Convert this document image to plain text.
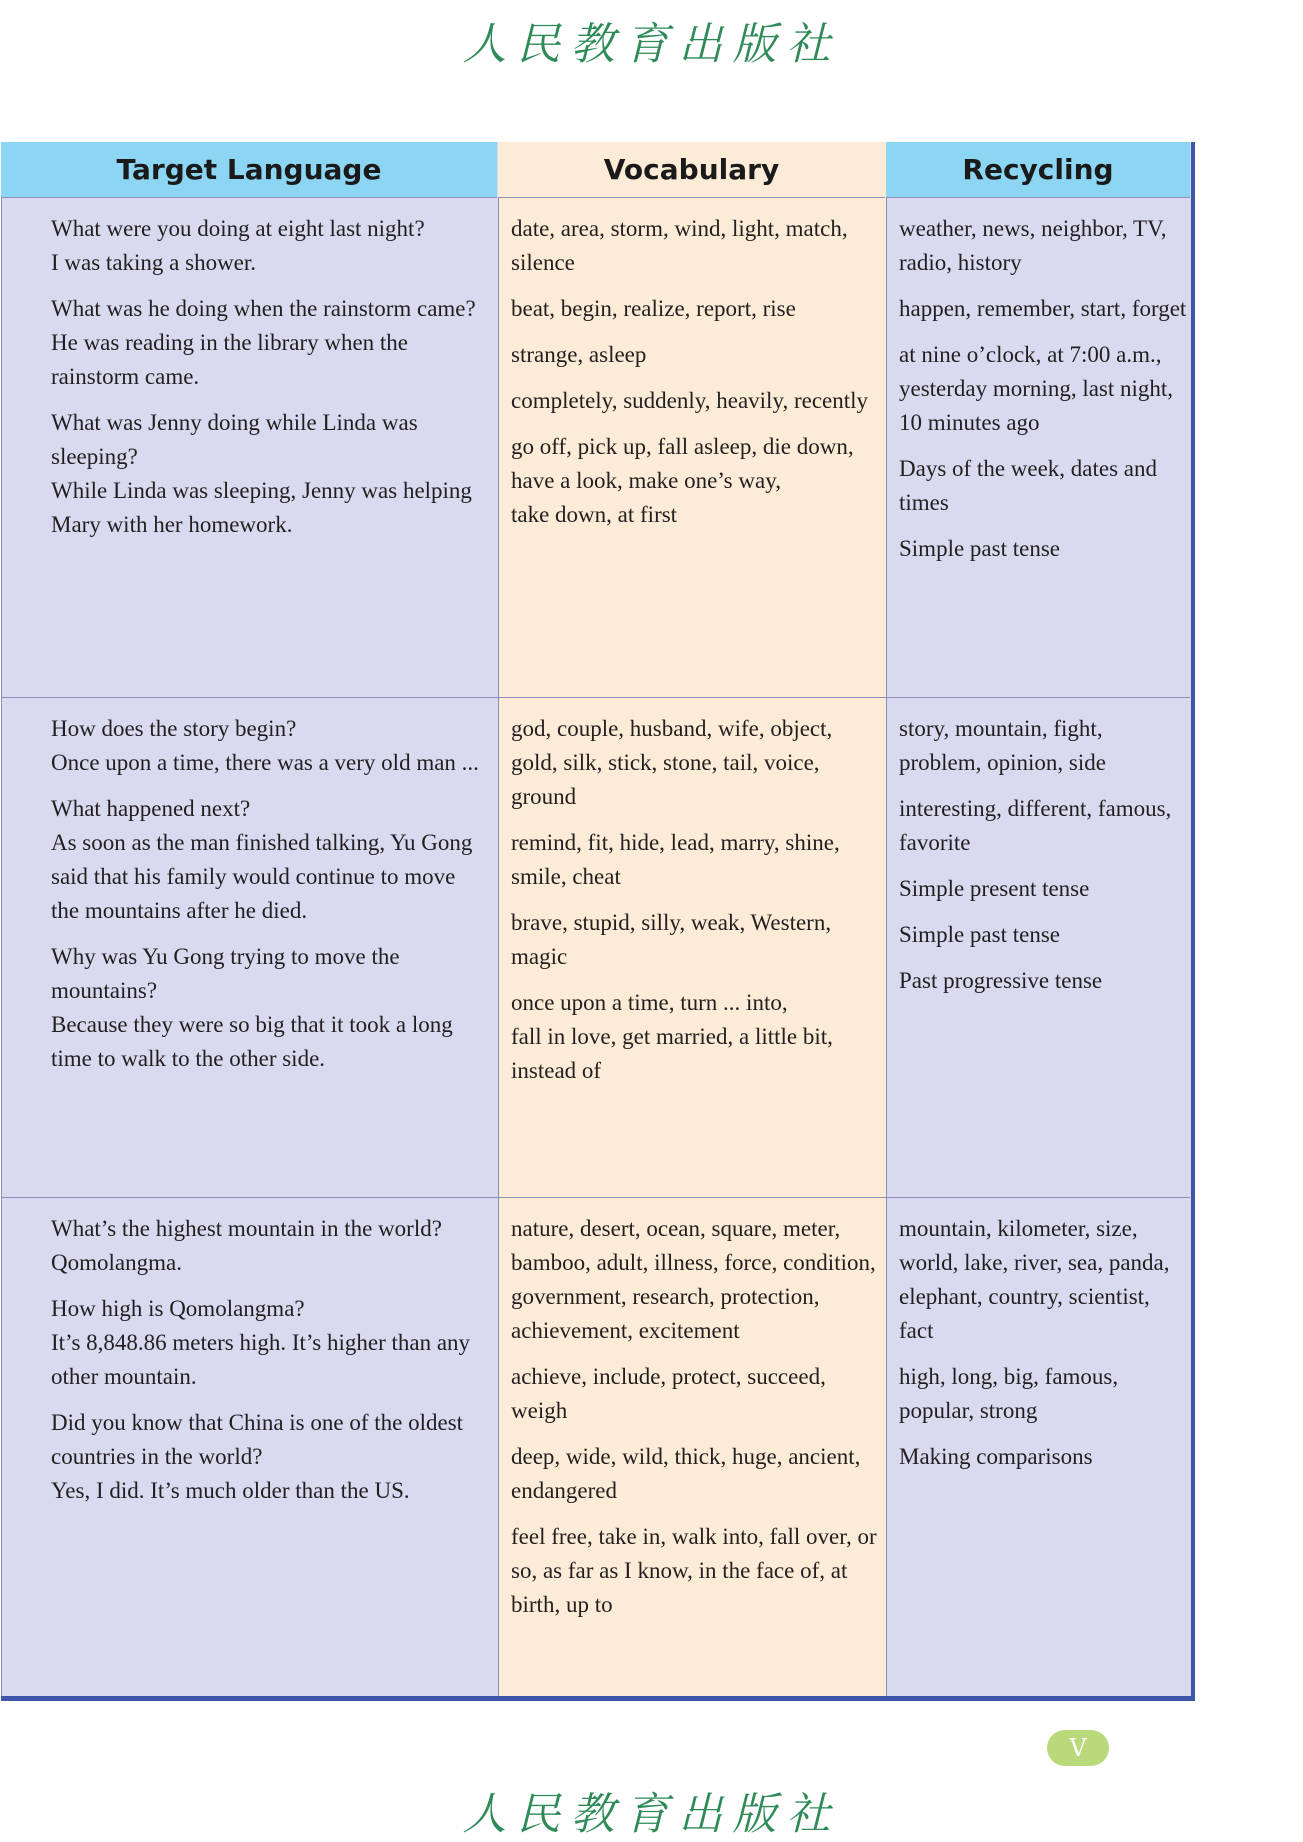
人民教育出版社
Target Language	Vocabulary	Recycling

What were you doing at eight last night?
I was taking a shower.

What was he doing when the rainstorm came?
He was reading in the library when the rainstorm came.

What was Jenny doing while Linda was sleeping?
While Linda was sleeping, Jenny was helping Mary with her homework.

date, area, storm, wind, light, match, silence

beat, begin, realize, report, rise

strange, asleep

completely, suddenly, heavily, recently

go off, pick up, fall asleep, die down, have a look, make one’s way,
take down, at first

weather, news, neighbor, TV, radio, history

happen, remember, start, forget

at nine o’clock, at 7:00 a.m., yesterday morning, last night, 10 minutes ago

Days of the week, dates and times

Simple past tense

How does the story begin?
Once upon a time, there was a very old man ...

What happened next?
As soon as the man finished talking, Yu Gong said that his family would continue to move the mountains after he died.

Why was Yu Gong trying to move the mountains?
Because they were so big that it took a long time to walk to the other side.

god, couple, husband, wife, object, gold, silk, stick, stone, tail, voice, ground

remind, fit, hide, lead, marry, shine, smile, cheat

brave, stupid, silly, weak, Western, magic

once upon a time, turn ... into,
fall in love, get married, a little bit, instead of

story, mountain, fight, problem, opinion, side

interesting, different, famous, favorite

Simple present tense

Simple past tense

Past progressive tense

What’s the highest mountain in the world?
Qomolangma.

How high is Qomolangma?
It’s 8,848.86 meters high. It’s higher than any other mountain.

Did you know that China is one of the oldest countries in the world?
Yes, I did. It’s much older than the US.

nature, desert, ocean, square, meter, bamboo, adult, illness, force, condition, government, research, protection, achievement, excitement

achieve, include, protect, succeed, weigh

deep, wide, wild, thick, huge, ancient, endangered

feel free, take in, walk into, fall over, or so, as far as I know, in the face of, at birth, up to

mountain, kilometer, size, world, lake, river, sea, panda, elephant, country, scientist, fact

high, long, big, famous, popular, strong

Making comparisons

V
人民教育出版社
